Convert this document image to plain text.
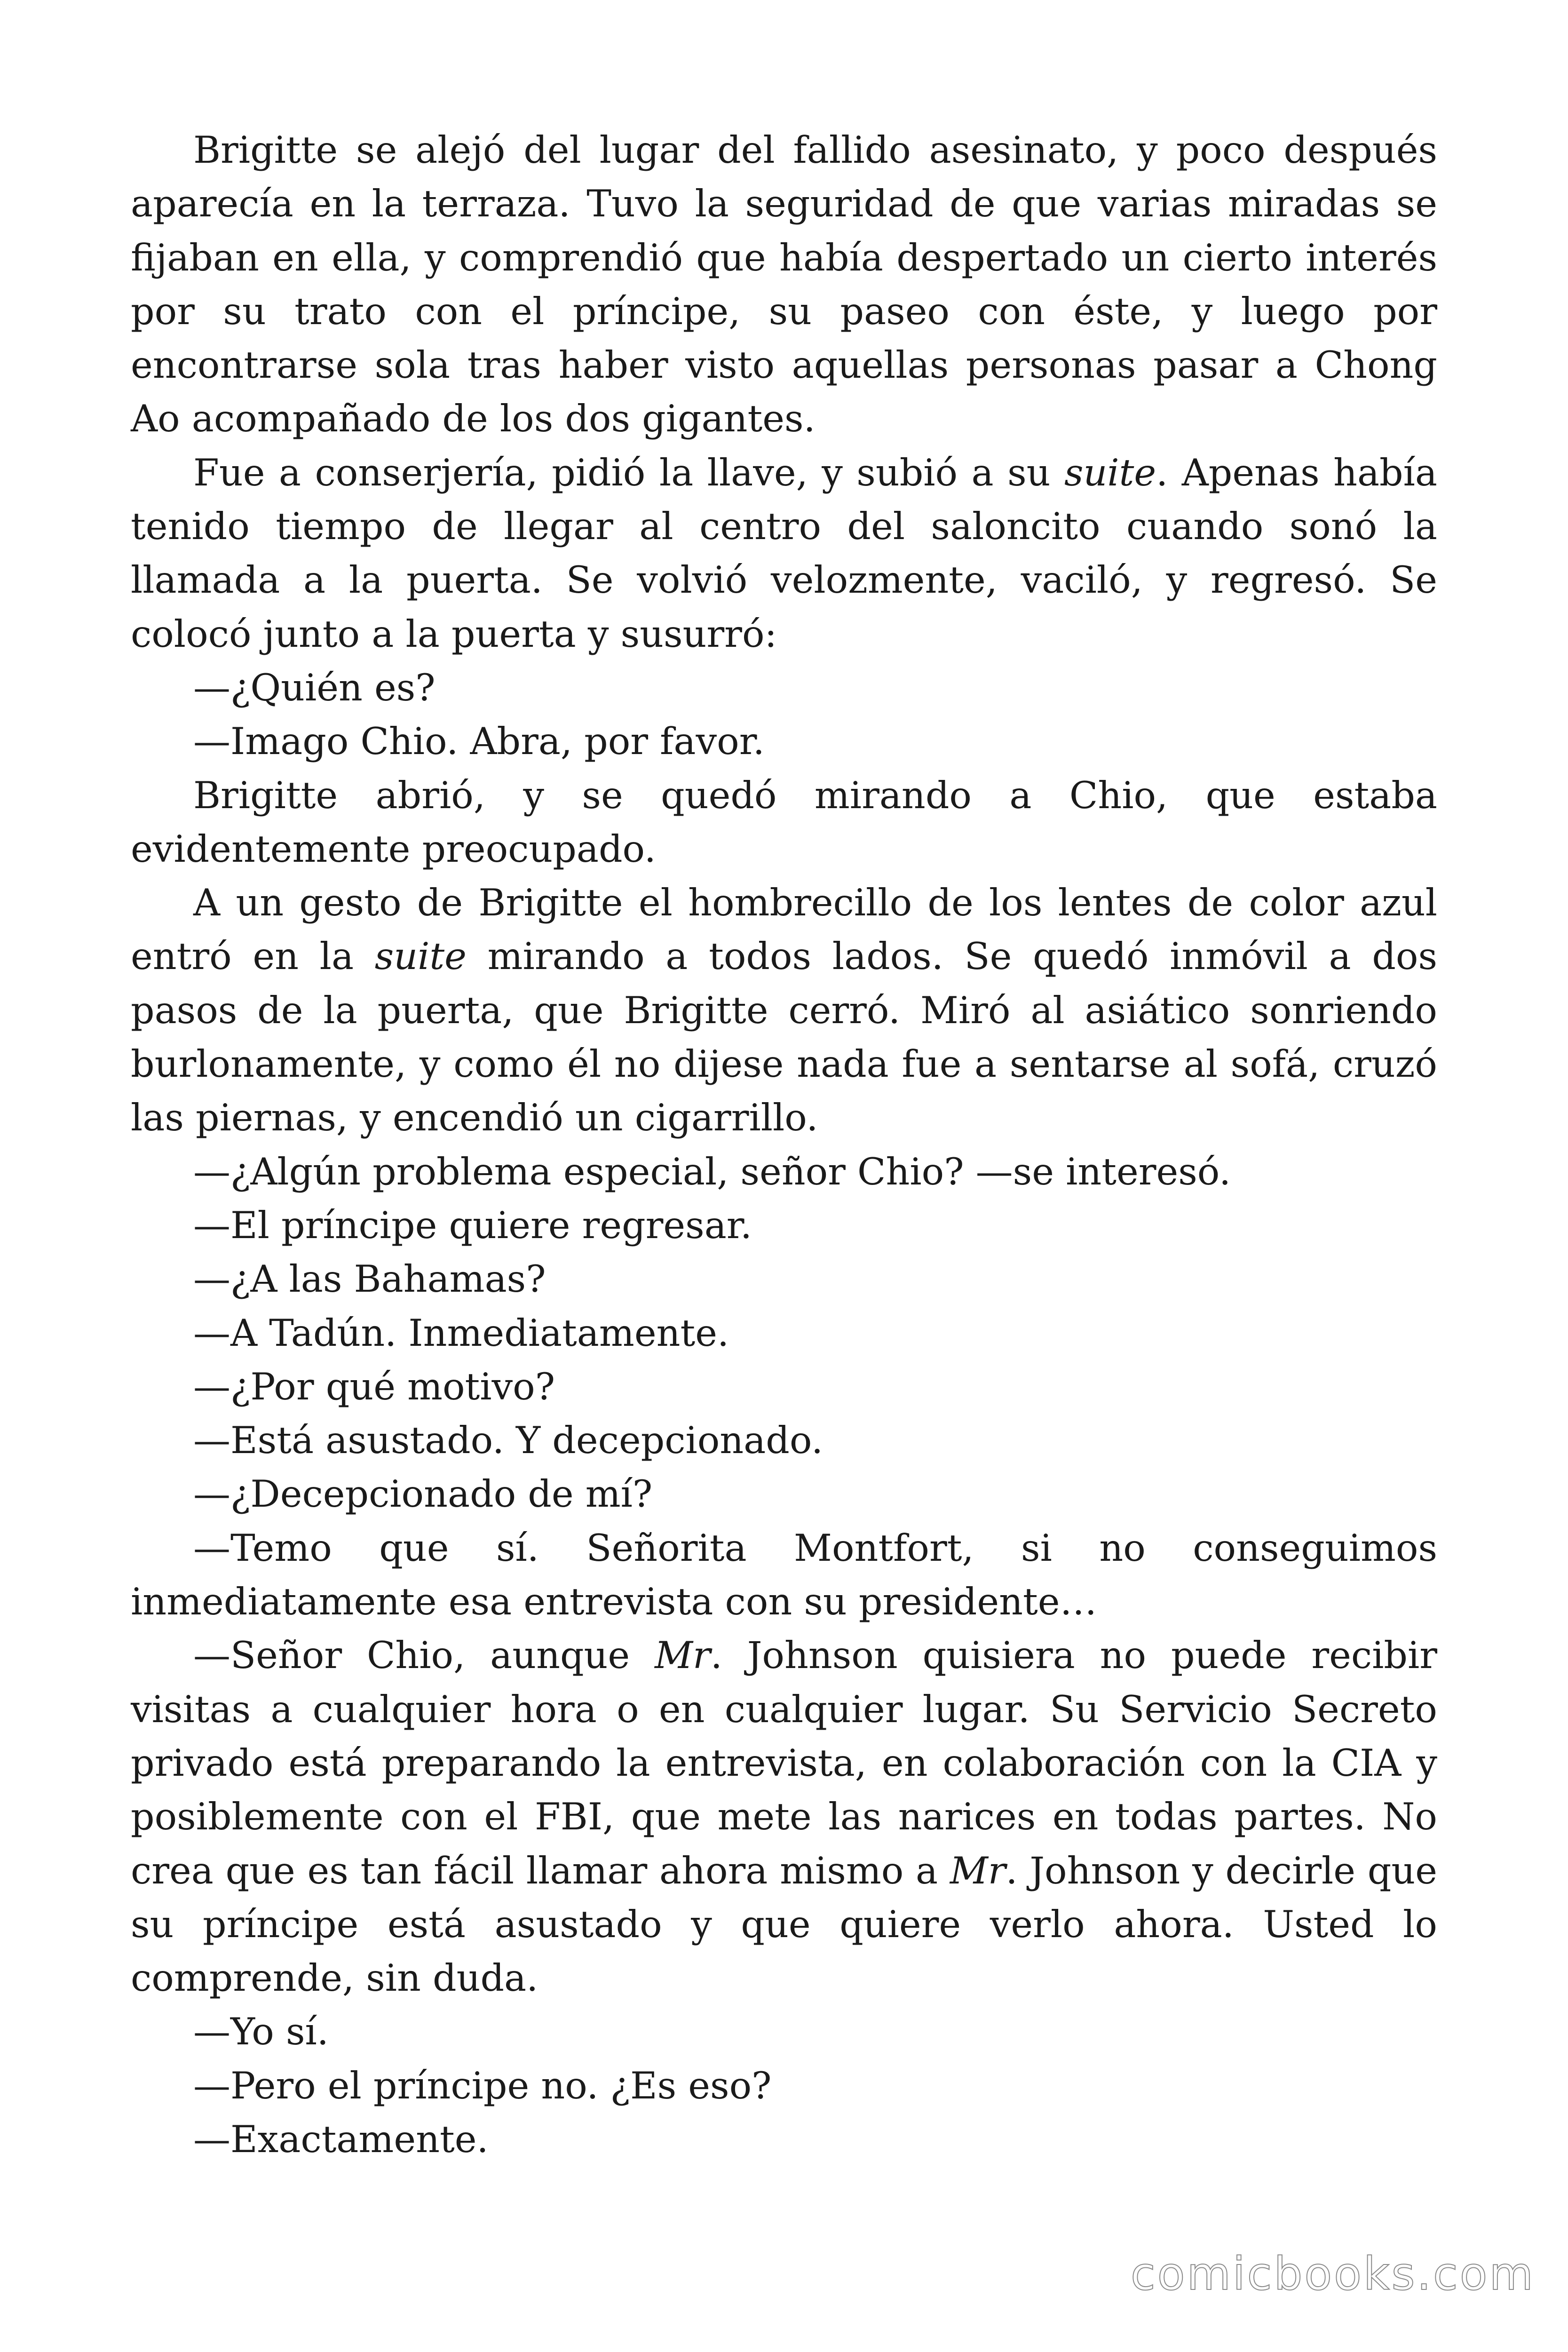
Brigitte se alejó del lugar del fallido asesinato, y poco después aparecía en la terraza. Tuvo la seguridad de que varias miradas se fijaban en ella, y comprendió que había despertado un cierto interés por su trato con el príncipe, su paseo con éste, y luego por encontrarse sola tras haber visto aquellas personas pasar a Chong Ao acompañado de los dos gigantes.

Fue a conserjería, pidió la llave, y subió a su suite. Apenas había tenido tiempo de llegar al centro del saloncito cuando sonó la llamada a la puerta. Se volvió velozmente, vaciló, y regresó. Se colocó junto a la puerta y susurró:

—¿Quién es?

—Imago Chio. Abra, por favor.

Brigitte abrió, y se quedó mirando a Chio, que estaba evidentemente preocupado.

A un gesto de Brigitte el hombrecillo de los lentes de color azul entró en la suite mirando a todos lados. Se quedó inmóvil a dos pasos de la puerta, que Brigitte cerró. Miró al asiático sonriendo burlonamente, y como él no dijese nada fue a sentarse al sofá, cruzó las piernas, y encendió un cigarrillo.

—¿Algún problema especial, señor Chio? —se interesó.

—El príncipe quiere regresar.

—¿A las Bahamas?

—A Tadún. Inmediatamente.

—¿Por qué motivo?

—Está asustado. Y decepcionado.

—¿Decepcionado de mí?

—Temo que sí. Señorita Montfort, si no conseguimos inmediatamente esa entrevista con su presidente…

—Señor Chio, aunque Mr. Johnson quisiera no puede recibir visitas a cualquier hora o en cualquier lugar. Su Servicio Secreto privado está preparando la entrevista, en colaboración con la CIA y posiblemente con el FBI, que mete las narices en todas partes. No crea que es tan fácil llamar ahora mismo a Mr. Johnson y decirle que su príncipe está asustado y que quiere verlo ahora. Usted lo comprende, sin duda.

—Yo sí.

—Pero el príncipe no. ¿Es eso?

—Exactamente.

comicbooks.com
